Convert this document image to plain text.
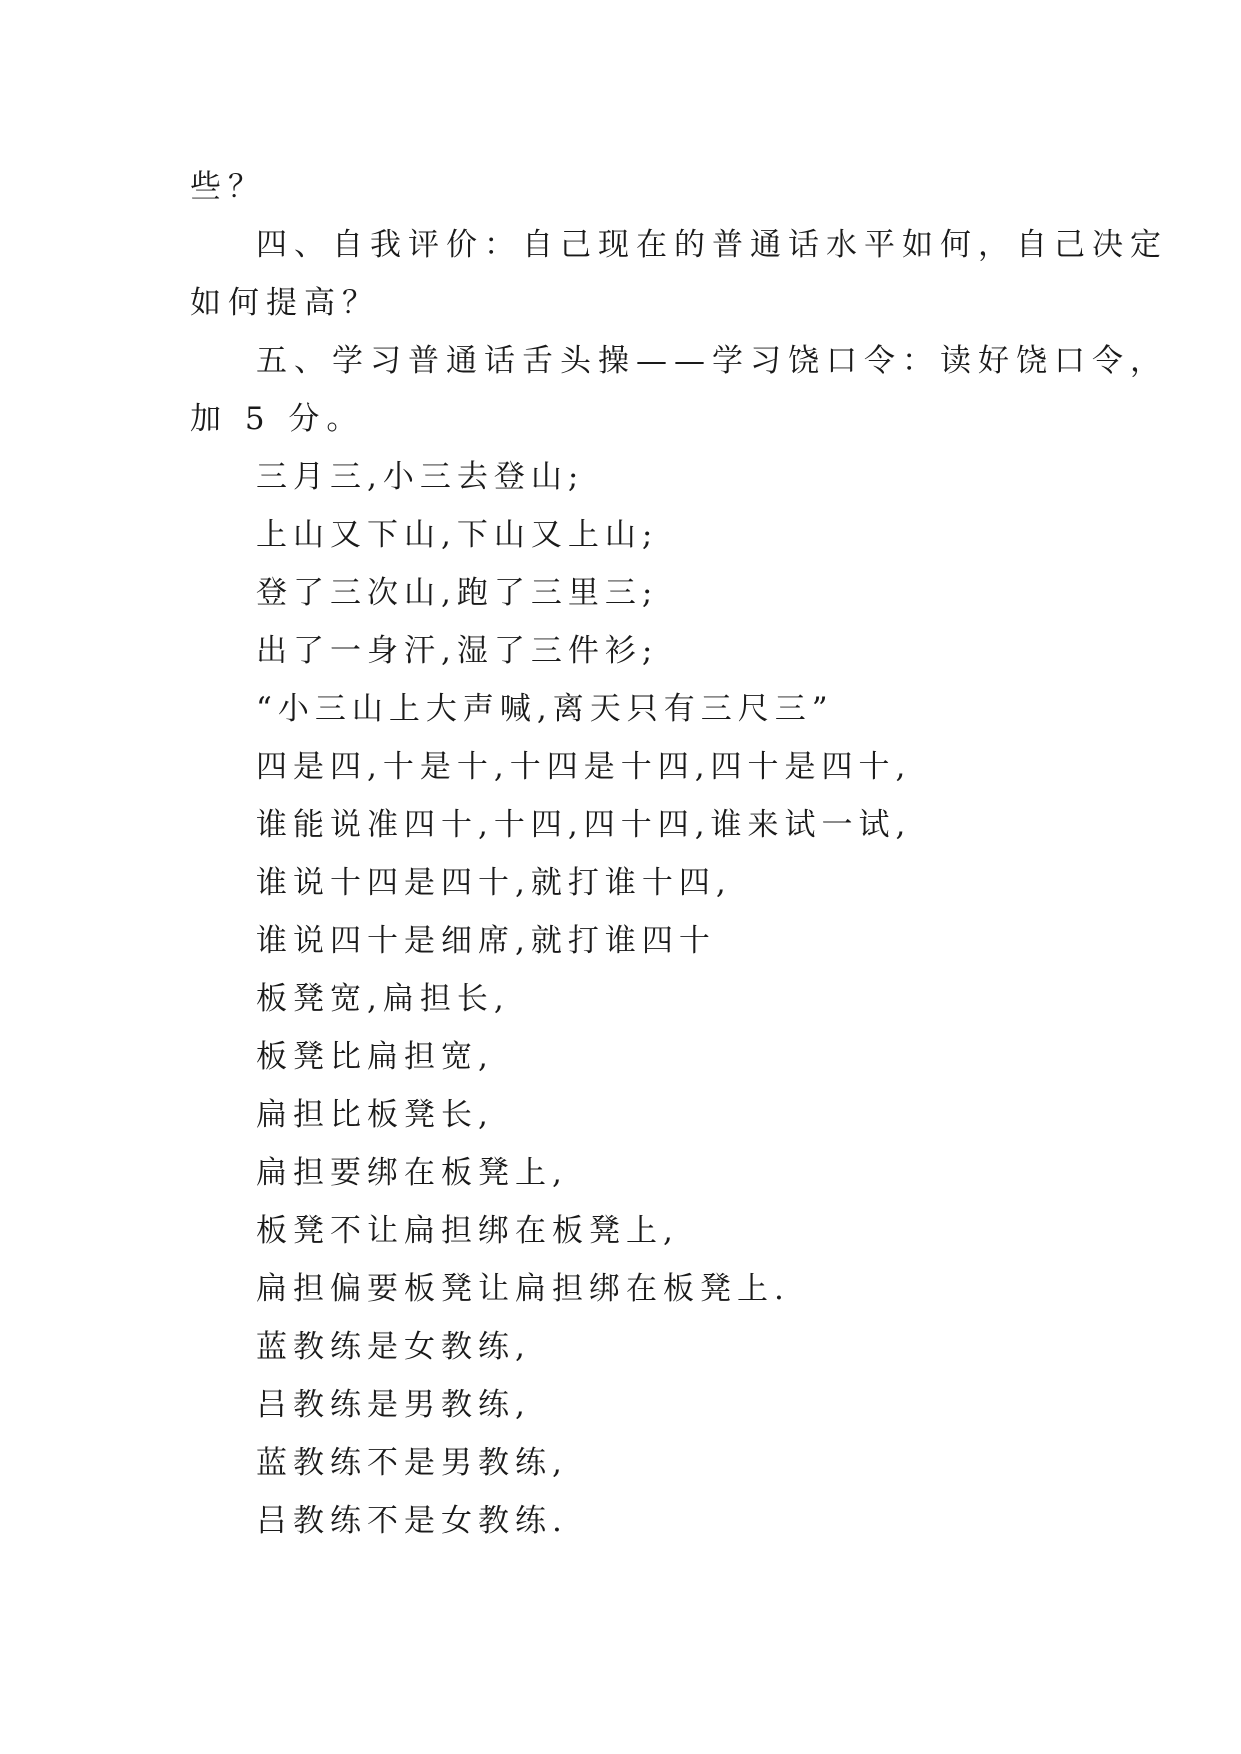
些？
四、自我评价：自己现在的普通话水平如何，自己决定
如何提高？
五、学习普通话舌头操——学习饶口令：读好饶口令，
加 5 分。
三月三,小三去登山;
上山又下山,下山又上山;
登了三次山,跑了三里三;
出了一身汗,湿了三件衫;
“小三山上大声喊,离天只有三尺三”
四是四,十是十,十四是十四,四十是四十,
谁能说准四十,十四,四十四,谁来试一试,
谁说十四是四十,就打谁十四,
谁说四十是细席,就打谁四十
板凳宽,扁担长,
板凳比扁担宽,
扁担比板凳长,
扁担要绑在板凳上,
板凳不让扁担绑在板凳上,
扁担偏要板凳让扁担绑在板凳上.
蓝教练是女教练,
吕教练是男教练,
蓝教练不是男教练,
吕教练不是女教练.
